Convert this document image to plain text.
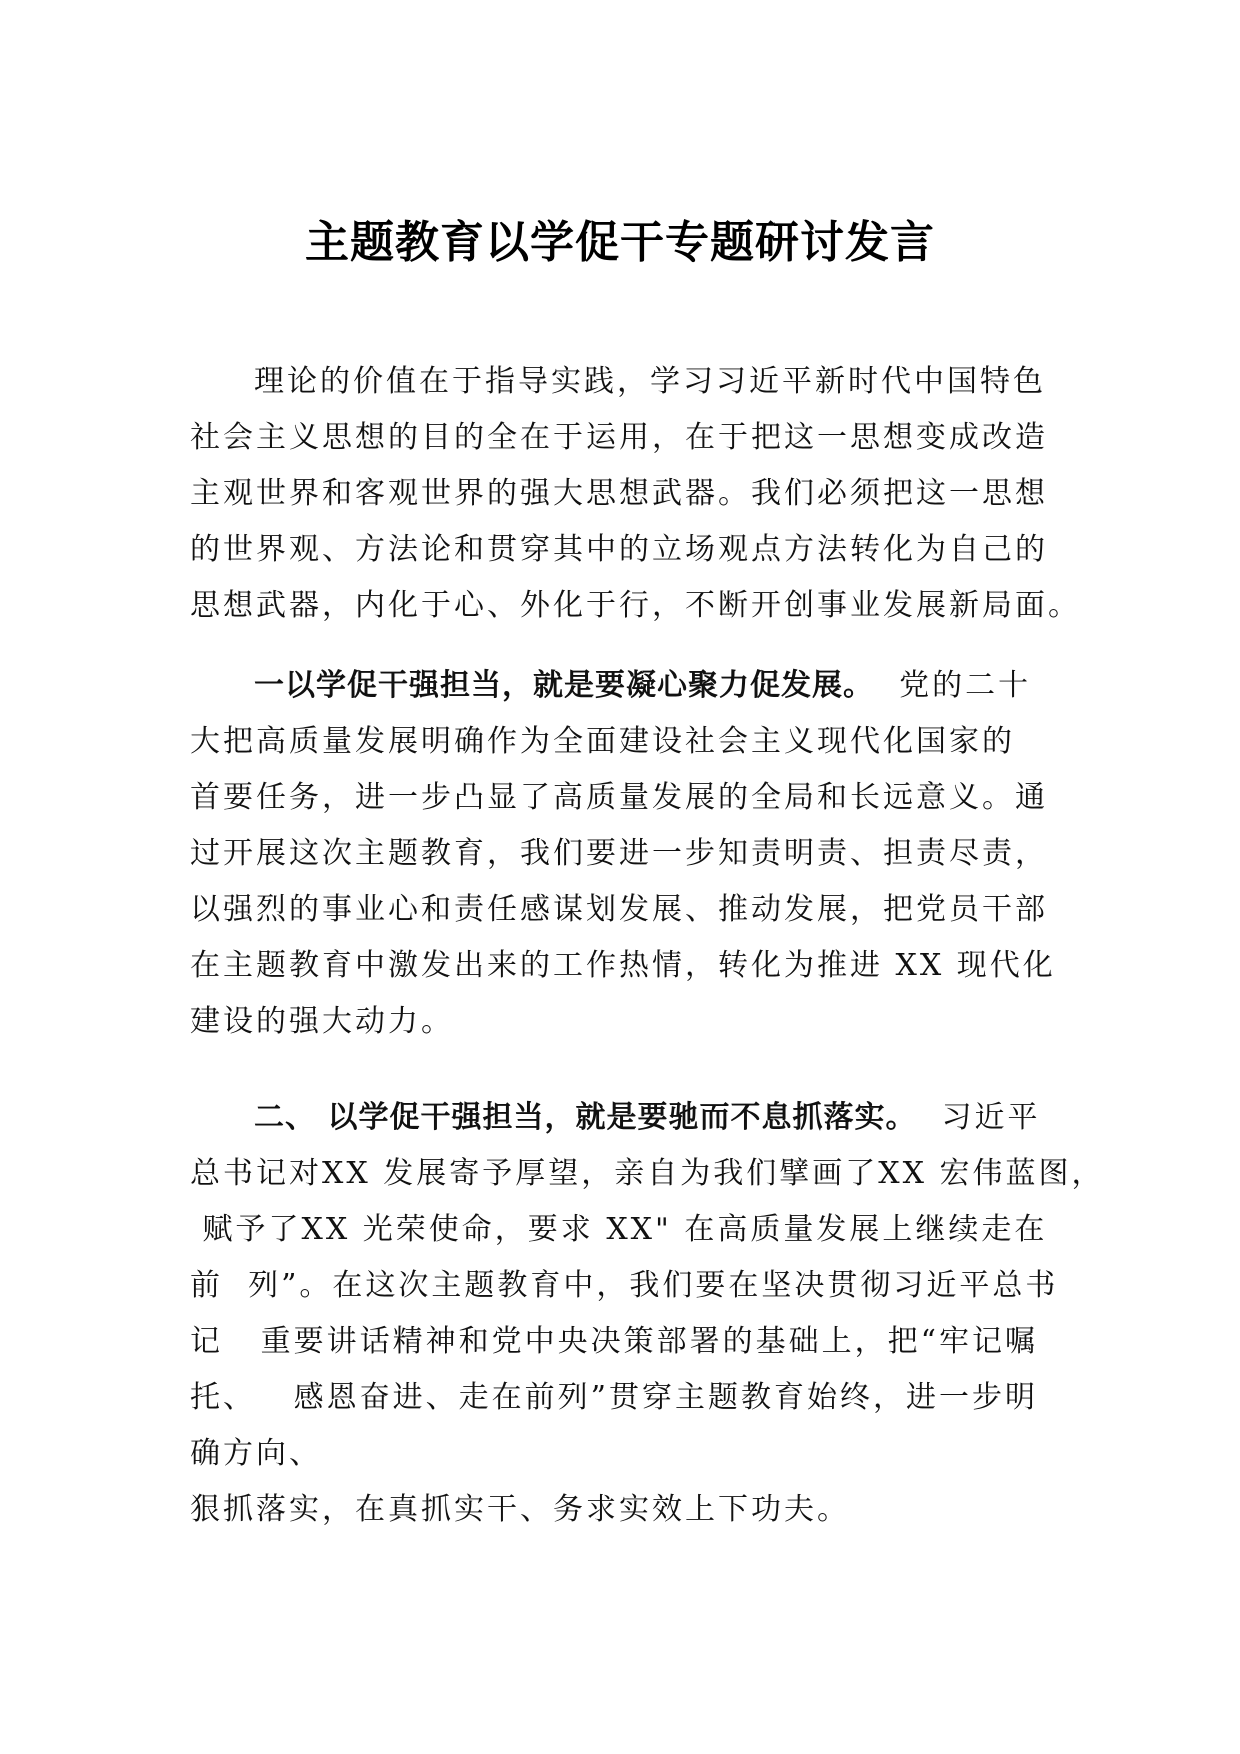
主题教育以学促干专题研讨发言

理论的价值在于指导实践，学习习近平新时代中国特色

社会主义思想的目的全在于运用，在于把这一思想变成改造
主观世界和客观世界的强大思想武器。我们必须把这一思想
的世界观、方法论和贯穿其中的立场观点方法转化为自己的
思想武器，内化于心、外化于行，不断开创事业发展新局面。

一以学促干强担当，就是要凝心聚力促发展。  党的二十

大把高质量发展明确作为全面建设社会主义现代化国家的
首要任务，进一步凸显了高质量发展的全局和长远意义。通
过开展这次主题教育，我们要进一步知责明责、担责尽责，
以强烈的事业心和责任感谋划发展、推动发展，把党员干部
在主题教育中激发出来的工作热情，转化为推进 XX 现代化
建设的强大动力。

二、 以学促干强担当，就是要驰而不息抓落实。  习近平

总书记对XX 发展寄予厚望，亲自为我们擘画了XX 宏伟蓝图，
赋予了XX 光荣使命，要求 XX" 在高质量发展上继续走在
前  列”。在这次主题教育中，我们要在坚决贯彻习近平总书
记   重要讲话精神和党中央决策部署的基础上，把“牢记嘱
托、   感恩奋进、走在前列”贯穿主题教育始终，进一步明
确方向、
狠抓落实，在真抓实干、务求实效上下功夫。
